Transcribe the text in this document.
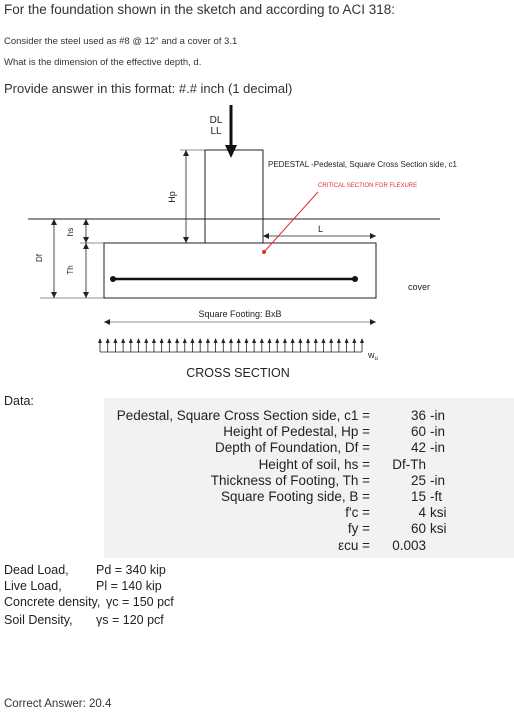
For the foundation shown in the sketch and according to ACI 318:
Consider the steel used as #8 @ 12" and a cover of 3.1
What is the dimension of the effective depth, d.
Provide answer in this format: #.# inch (1 decimal)
DL
LL
Hp
hs
Df
Th
PEDESTAL -Pedestal, Square Cross Section side, c1
CRITICAL SECTION FOR FLEXURE
L
cover
Square Footing: BxB
$w_u$
CROSS SECTION
Data:
Pedestal, Square Cross Section side, c1 =	36 -in
Height of Pedestal, Hp =	60 -in
Depth of Foundation, Df =	42 -in
Height of soil, hs =	Df-Th
Thickness of Footing, Th =	25 -in
Square Footing side, B =	15 -ft
f'c =	4 ksi
fy =	60 ksi
εcu =	0.003
Dead Load, Pd = 340 kip
Live Load,	Pl = 140 kip
Concrete density, γc = 150 pcf
Soil Density, γs = 120 pcf
Correct Answer: 20.4
